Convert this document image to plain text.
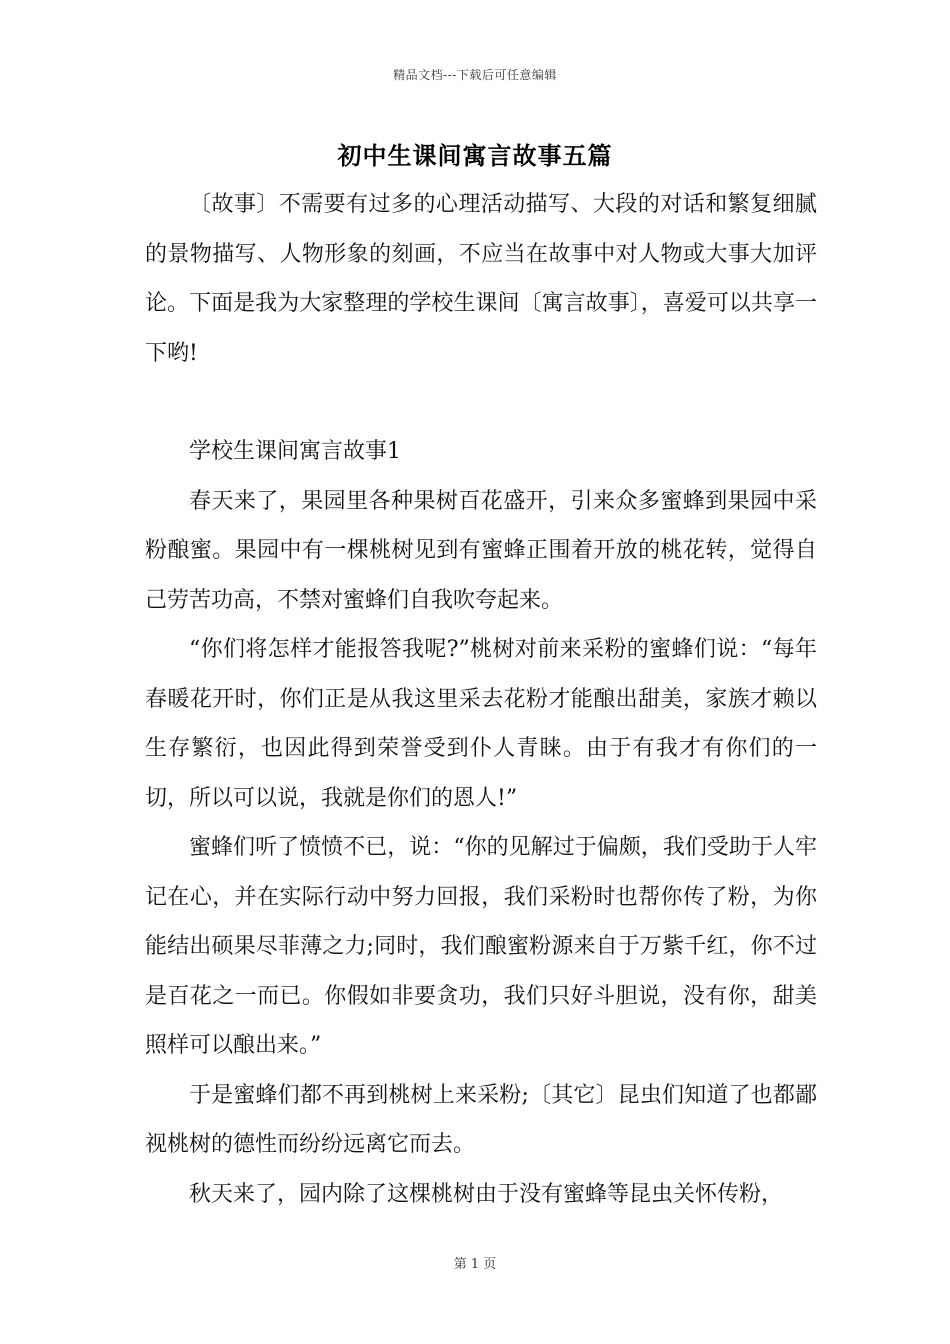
精品文档---下载后可任意编辑
初中生课间寓言故事五篇

〔故事〕不需要有过多的心理活动描写、大段的对话和繁复细腻的景物描写、人物形象的刻画，不应当在故事中对人物或大事大加评论。下面是我为大家整理的学校生课间〔寓言故事〕，喜爱可以共享一下哟!

学校生课间寓言故事1

春天来了，果园里各种果树百花盛开，引来众多蜜蜂到果园中采粉酿蜜。果园中有一棵桃树见到有蜜蜂正围着开放的桃花转，觉得自己劳苦功高，不禁对蜜蜂们自我吹夸起来。

“你们将怎样才能报答我呢?”桃树对前来采粉的蜜蜂们说：“每年春暖花开时，你们正是从我这里采去花粉才能酿出甜美，家族才赖以生存繁衍，也因此得到荣誉受到仆人青睐。由于有我才有你们的一切，所以可以说，我就是你们的恩人!”

蜜蜂们听了愤愤不已，说：“你的见解过于偏颇，我们受助于人牢记在心，并在实际行动中努力回报，我们采粉时也帮你传了粉，为你能结出硕果尽菲薄之力;同时，我们酿蜜粉源来自于万紫千红，你不过是百花之一而已。你假如非要贪功，我们只好斗胆说，没有你，甜美照样可以酿出来。”

于是蜜蜂们都不再到桃树上来采粉;〔其它〕昆虫们知道了也都鄙视桃树的德性而纷纷远离它而去。

秋天来了，园内除了这棵桃树由于没有蜜蜂等昆虫关怀传粉，

第 1 页
